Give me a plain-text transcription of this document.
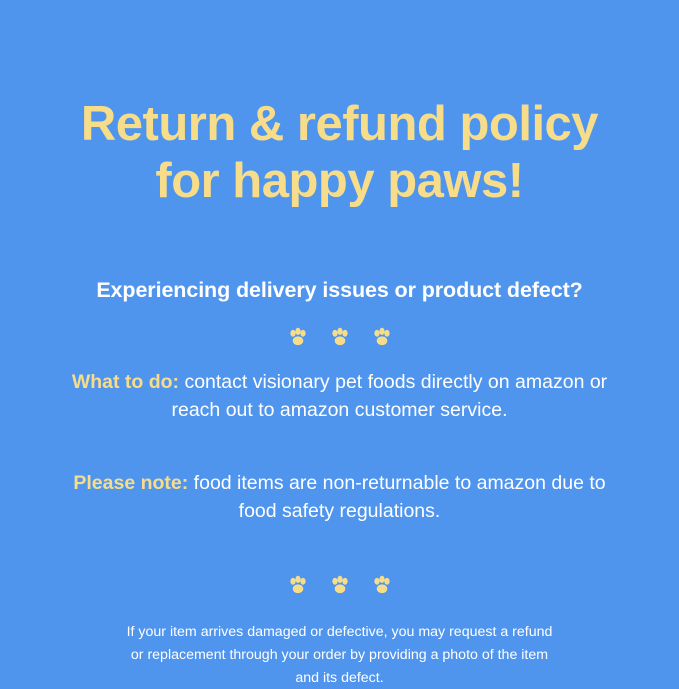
Return & refund policy
for happy paws!
Experiencing delivery issues or product defect?

What to do: contact visionary pet foods directly on amazon or reach out to amazon customer service.

Please note: food items are non-returnable to amazon due to food safety regulations.

If your item arrives damaged or defective, you may request a refund or replacement through your order by providing a photo of the item and its defect.
